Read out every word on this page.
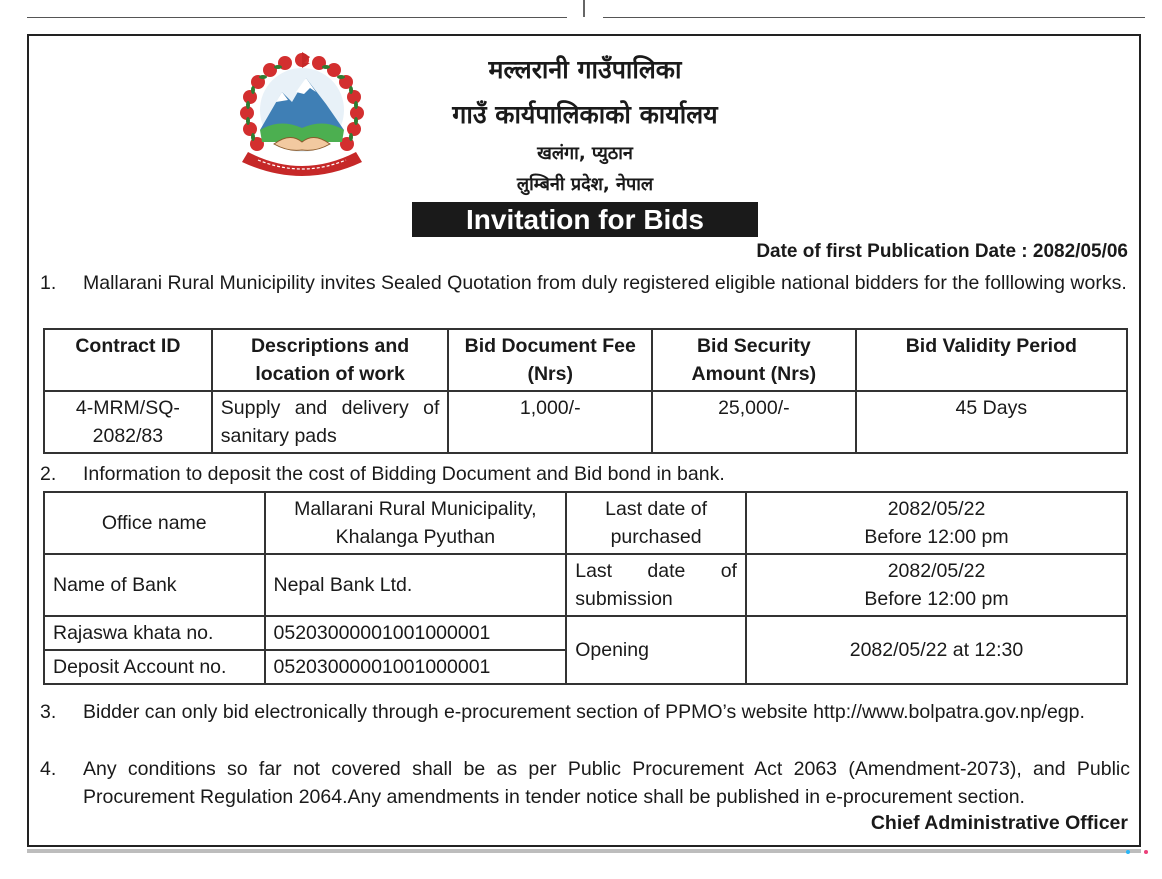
मल्लरानी गाउँपालिका
गाउँ कार्यपालिकाको कार्यालय
खलंगा, प्युठान
लुम्बिनी प्रदेश, नेपाल
Invitation for Bids
Date of first Publication Date : 2082/05/06
1. Mallarani Rural Municipility invites Sealed Quotation from duly registered eligible national bidders for the folllowing works.
Contract ID	Descriptions and location of work	Bid Document Fee (Nrs)	Bid Security Amount (Nrs)	Bid Validity Period
4-MRM/SQ-2082/83	Supply and delivery of sanitary pads	1,000/-	25,000/-	45 Days
2. Information to deposit the cost of Bidding Document and Bid bond in bank.
Office name	Mallarani Rural Municipality, Khalanga Pyuthan	Last date of purchased	2082/05/22
Before 12:00 pm

Name of Bank	Nepal Bank Ltd.	Last date of submission	2082/05/22
Before 12:00 pm

Rajaswa khata no.	05203000001001000001	Opening	2082/05/22 at 12:30
Deposit Account no.	05203000001001000001		
3. Bidder can only bid electronically through e-procurement section of PPMO’s website http://www.bolpatra.gov.np/egp.
4. Any conditions so far not covered shall be as per Public Procurement Act 2063 (Amendment-2073), and Public Procurement Regulation 2064.Any amendments in tender notice shall be published in e-procurement section.
Chief Administrative Officer
